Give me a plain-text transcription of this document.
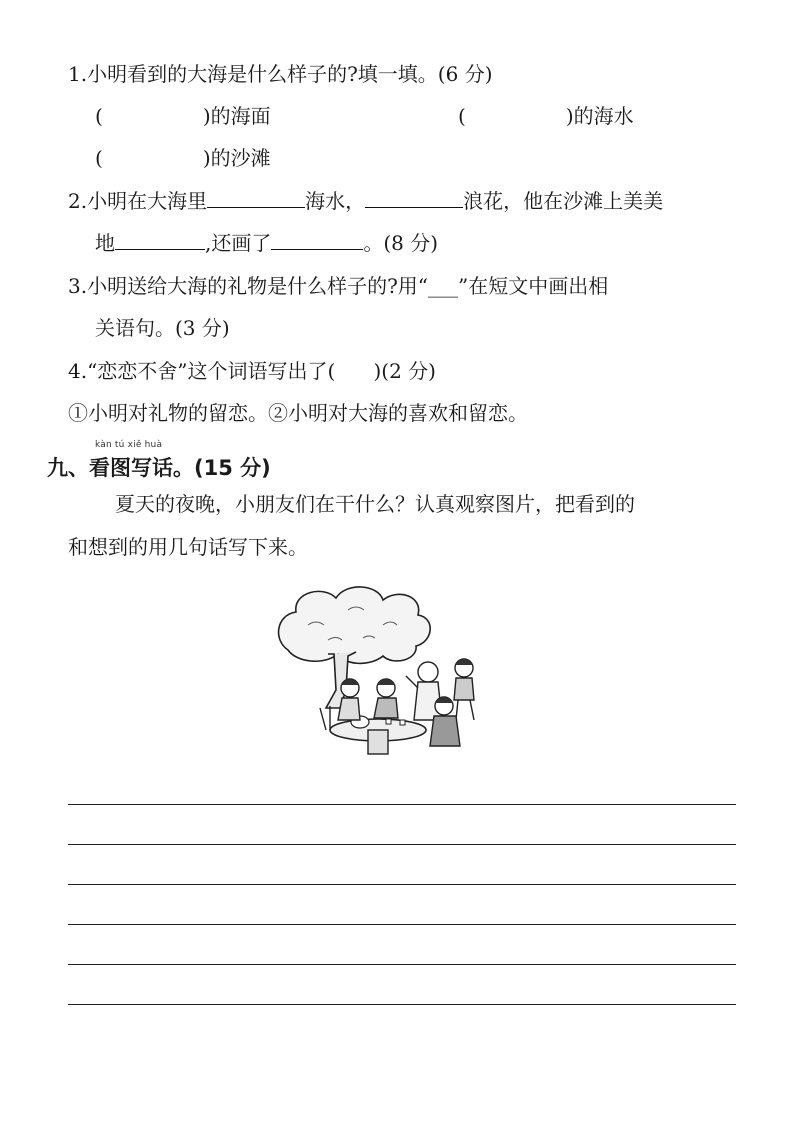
1.小明看到的大海是什么样子的?填一填。(6 分)
(	)的海面	(	)的海水
(	)的沙滩
2.小明在大海里	海水，	浪花，他在沙滩上美美
地	,还画了	。(8 分)
3.小明送给大海的礼物是什么样子的?用“___”在短文中画出相
关语句。(3 分)
4.“恋恋不舍”这个词语写出了(      )(2 分)
①小明对礼物的留恋。②小明对大海的喜欢和留恋。
kàn tú xiě huà
九、看图写话。(15 分)
夏天的夜晚，小朋友们在干什么？认真观察图片，把看到的
和想到的用几句话写下来。
